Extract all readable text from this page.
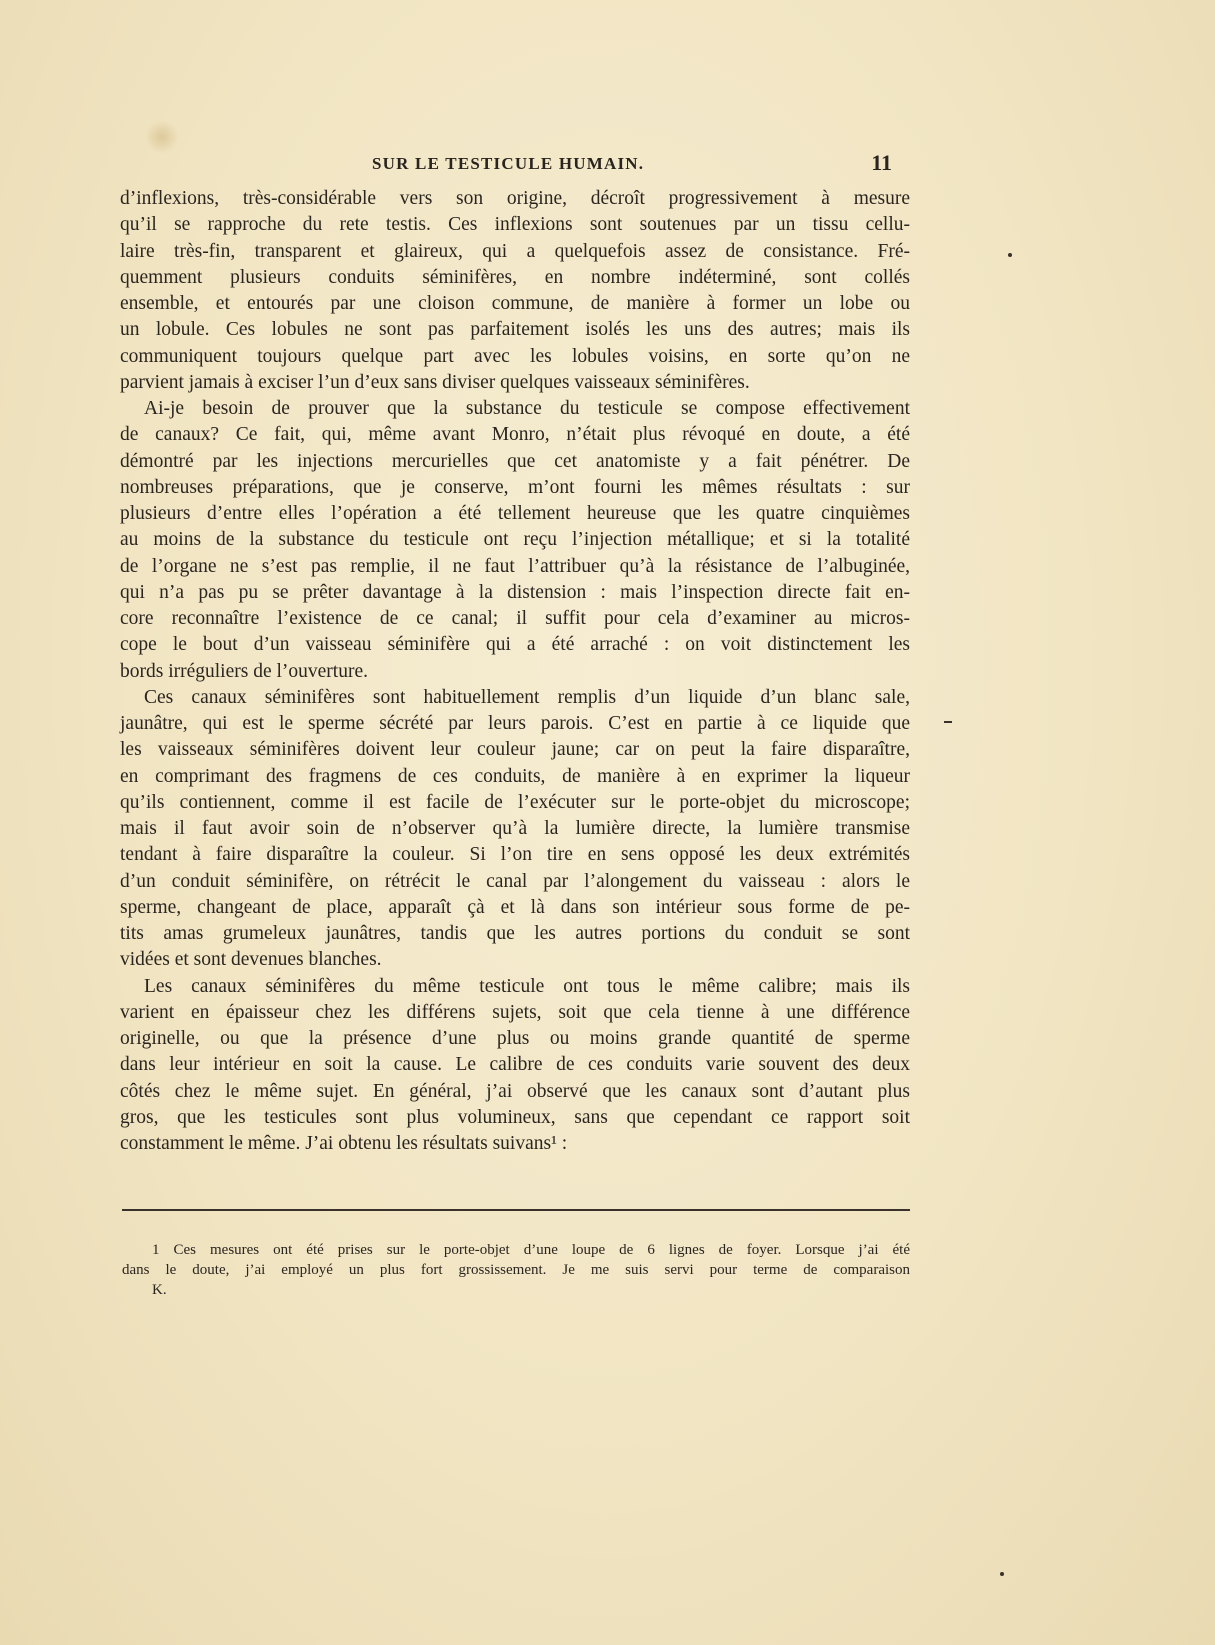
SUR LE TESTICULE HUMAIN.	11
d’inflexions, très-considérable vers son origine, décroît progressivement à mesure
qu’il se rapproche du rete testis. Ces inflexions sont soutenues par un tissu cellu-
laire très-fin, transparent et glaireux, qui a quelquefois assez de consistance. Fré-
quemment plusieurs conduits séminifères, en nombre indéterminé, sont collés
ensemble, et entourés par une cloison commune, de manière à former un lobe ou
un lobule. Ces lobules ne sont pas parfaitement isolés les uns des autres; mais ils
communiquent toujours quelque part avec les lobules voisins, en sorte qu’on ne
parvient jamais à exciser l’un d’eux sans diviser quelques vaisseaux séminifères.
Ai-je besoin de prouver que la substance du testicule se compose effectivement
de canaux? Ce fait, qui, même avant Monro, n’était plus révoqué en doute, a été
démontré par les injections mercurielles que cet anatomiste y a fait pénétrer. De
nombreuses préparations, que je conserve, m’ont fourni les mêmes résultats : sur
plusieurs d’entre elles l’opération a été tellement heureuse que les quatre cinquièmes
au moins de la substance du testicule ont reçu l’injection métallique; et si la totalité
de l’organe ne s’est pas remplie, il ne faut l’attribuer qu’à la résistance de l’albuginée,
qui n’a pas pu se prêter davantage à la distension : mais l’inspection directe fait en-
core reconnaître l’existence de ce canal; il suffit pour cela d’examiner au micros-
cope le bout d’un vaisseau séminifère qui a été arraché : on voit distinctement les
bords irréguliers de l’ouverture.
Ces canaux séminifères sont habituellement remplis d’un liquide d’un blanc sale,
jaunâtre, qui est le sperme sécrété par leurs parois. C’est en partie à ce liquide que
les vaisseaux séminifères doivent leur couleur jaune; car on peut la faire disparaître,
en comprimant des fragmens de ces conduits, de manière à en exprimer la liqueur
qu’ils contiennent, comme il est facile de l’exécuter sur le porte-objet du microscope;
mais il faut avoir soin de n’observer qu’à la lumière directe, la lumière transmise
tendant à faire disparaître la couleur. Si l’on tire en sens opposé les deux extrémités
d’un conduit séminifère, on rétrécit le canal par l’alongement du vaisseau : alors le
sperme, changeant de place, apparaît çà et là dans son intérieur sous forme de pe-
tits amas grumeleux jaunâtres, tandis que les autres portions du conduit se sont
vidées et sont devenues blanches.
Les canaux séminifères du même testicule ont tous le même calibre; mais ils
varient en épaisseur chez les différens sujets, soit que cela tienne à une différence
originelle, ou que la présence d’une plus ou moins grande quantité de sperme
dans leur intérieur en soit la cause. Le calibre de ces conduits varie souvent des deux
côtés chez le même sujet. En général, j’ai observé que les canaux sont d’autant plus
gros, que les testicules sont plus volumineux, sans que cependant ce rapport soit
constamment le même. J’ai obtenu les résultats suivans¹ :
1 Ces mesures ont été prises sur le porte-objet d’une loupe de 6 lignes de foyer. Lorsque j’ai été
dans le doute, j’ai employé un plus fort grossissement. Je me suis servi pour terme de comparaison
K.
